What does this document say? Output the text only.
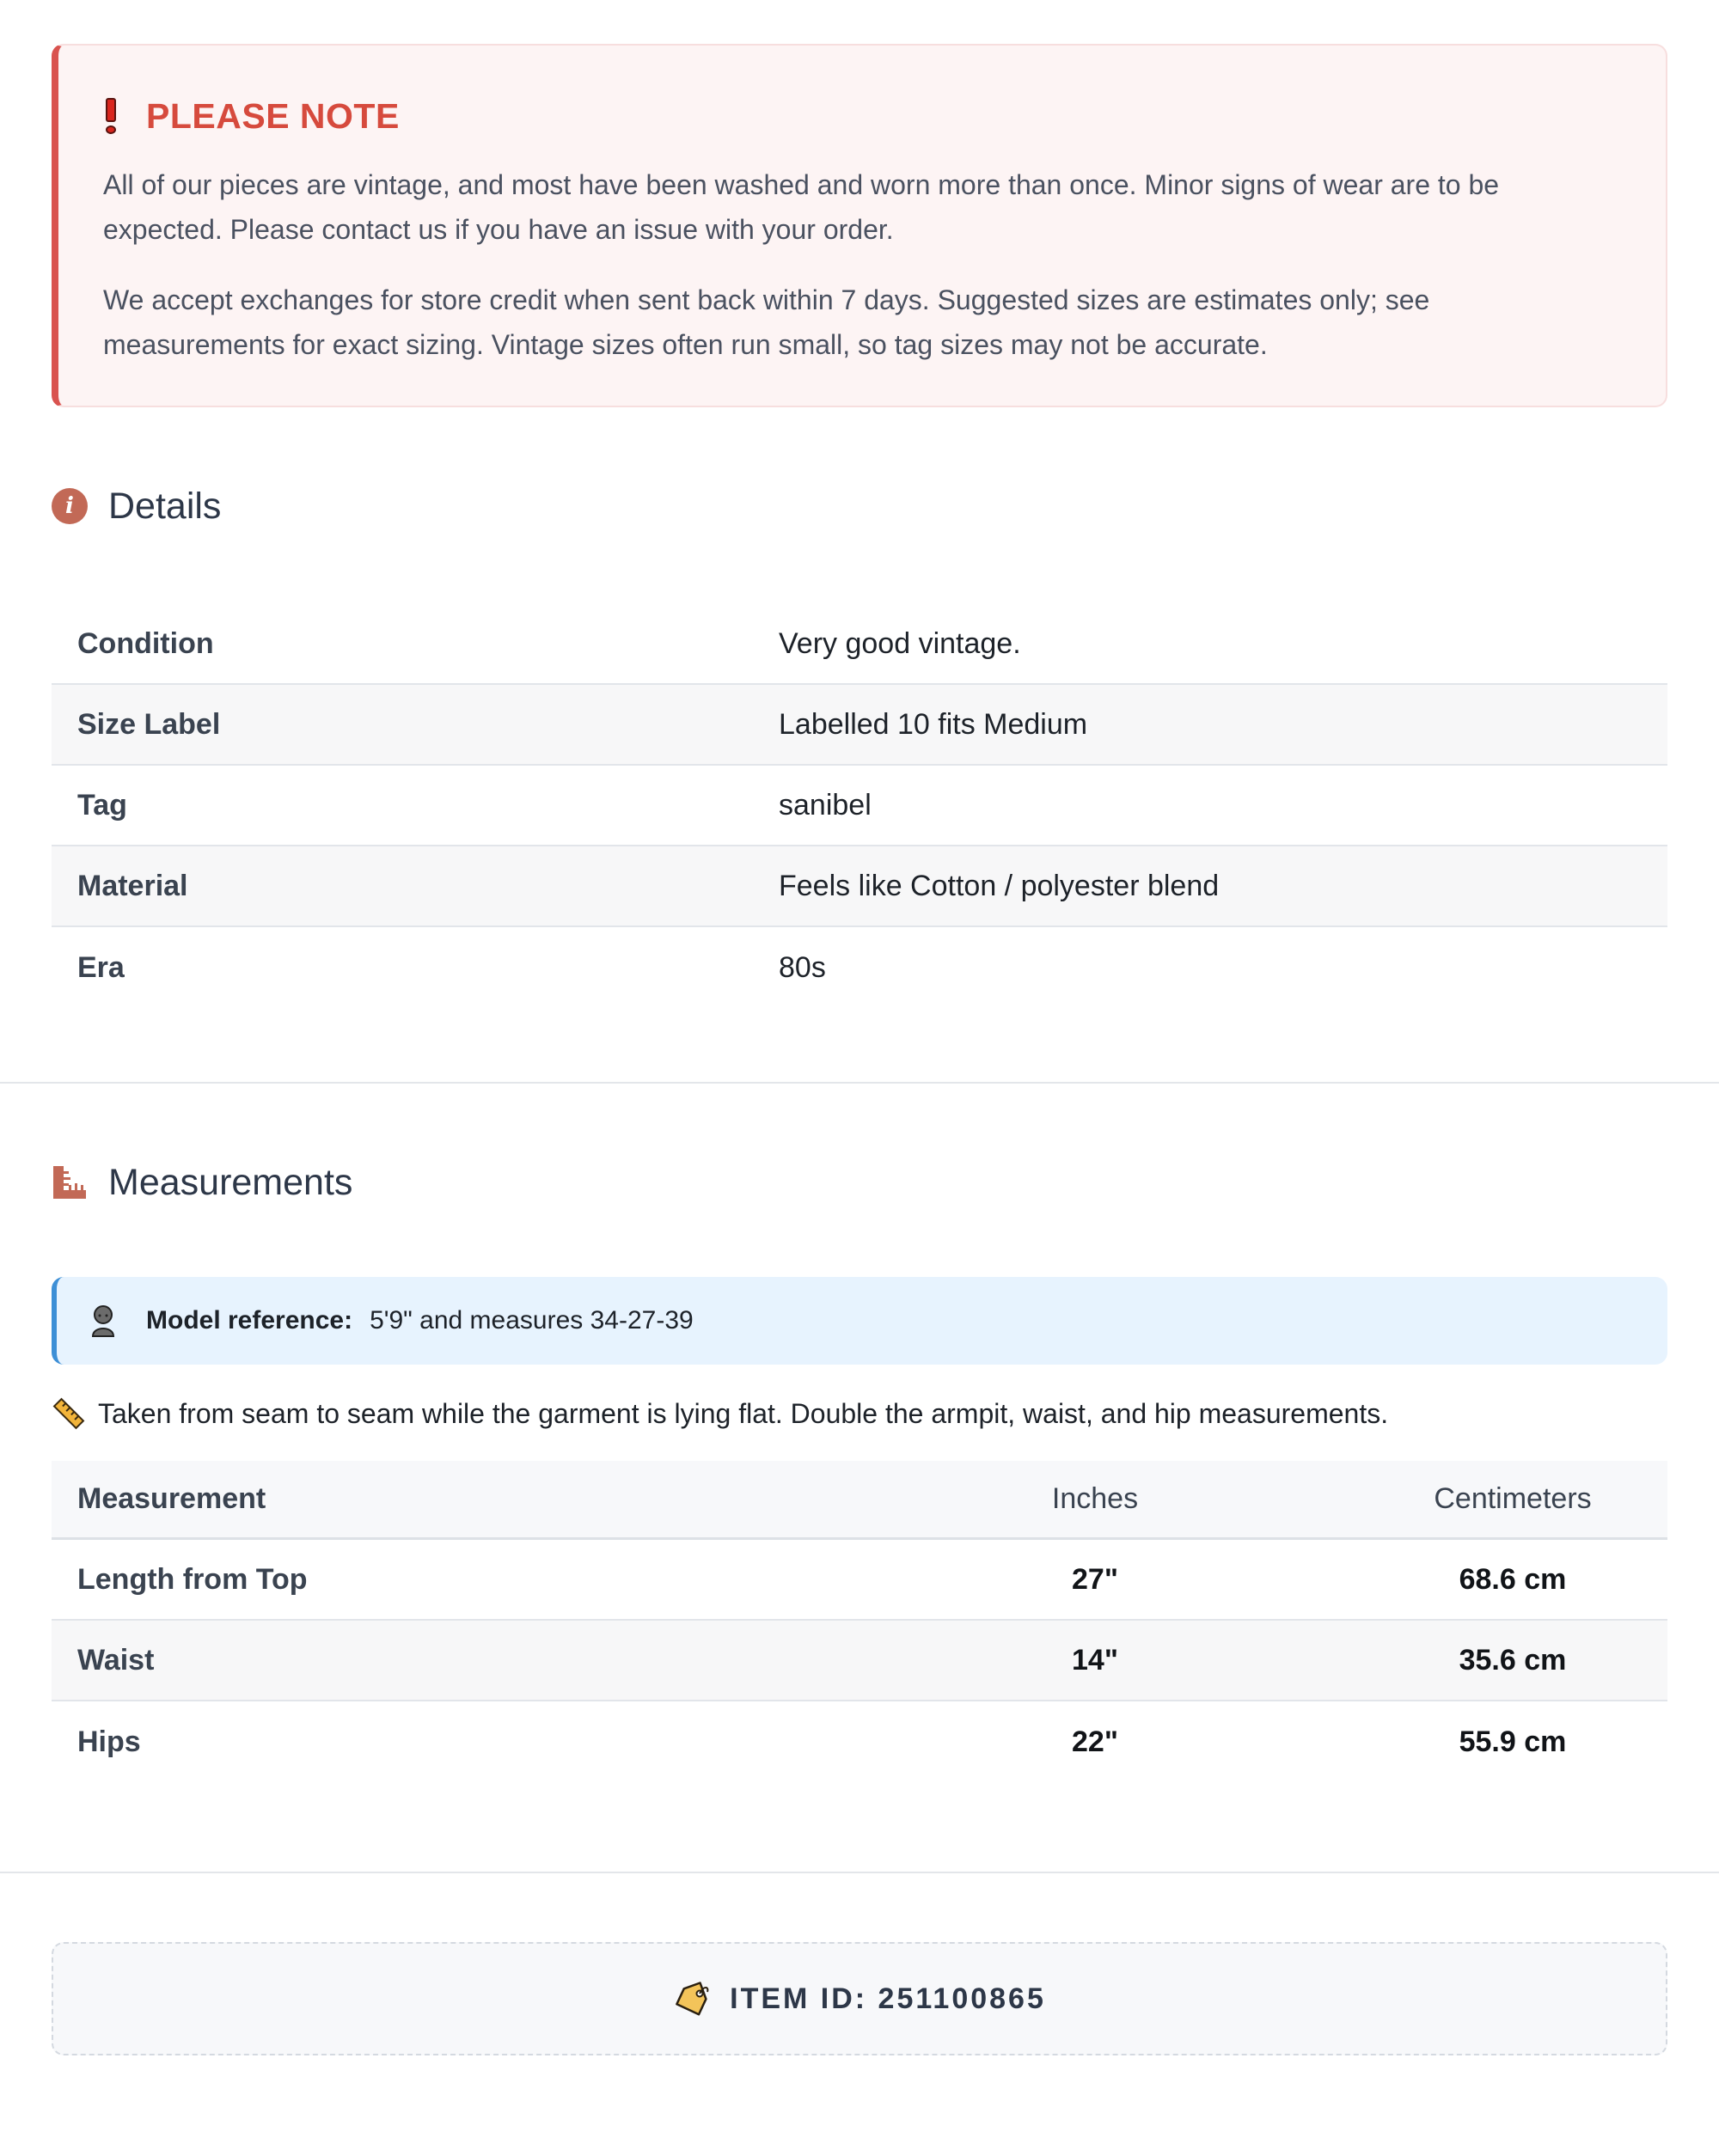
PLEASE NOTE

All of our pieces are vintage, and most have been washed and worn more than once. Minor signs of wear are to be expected. Please contact us if you have an issue with your order.

We accept exchanges for store credit when sent back within 7 days. Suggested sizes are estimates only; see measurements for exact sizing. Vintage sizes often run small, so tag sizes may not be accurate.

i Details
Condition	Very good vintage.
Size Label	Labelled 10 fits Medium
Tag	sanibel
Material	Feels like Cotton / polyester blend
Era	80s
Measurements
Model reference: 5'9" and measures 34-27-39
Taken from seam to seam while the garment is lying flat. Double the armpit, waist, and hip measurements.
Measurement	Inches	Centimeters
Length from Top	27"	68.6 cm
Waist	14"	35.6 cm
Hips	22"	55.9 cm
ITEM ID: 251100865
